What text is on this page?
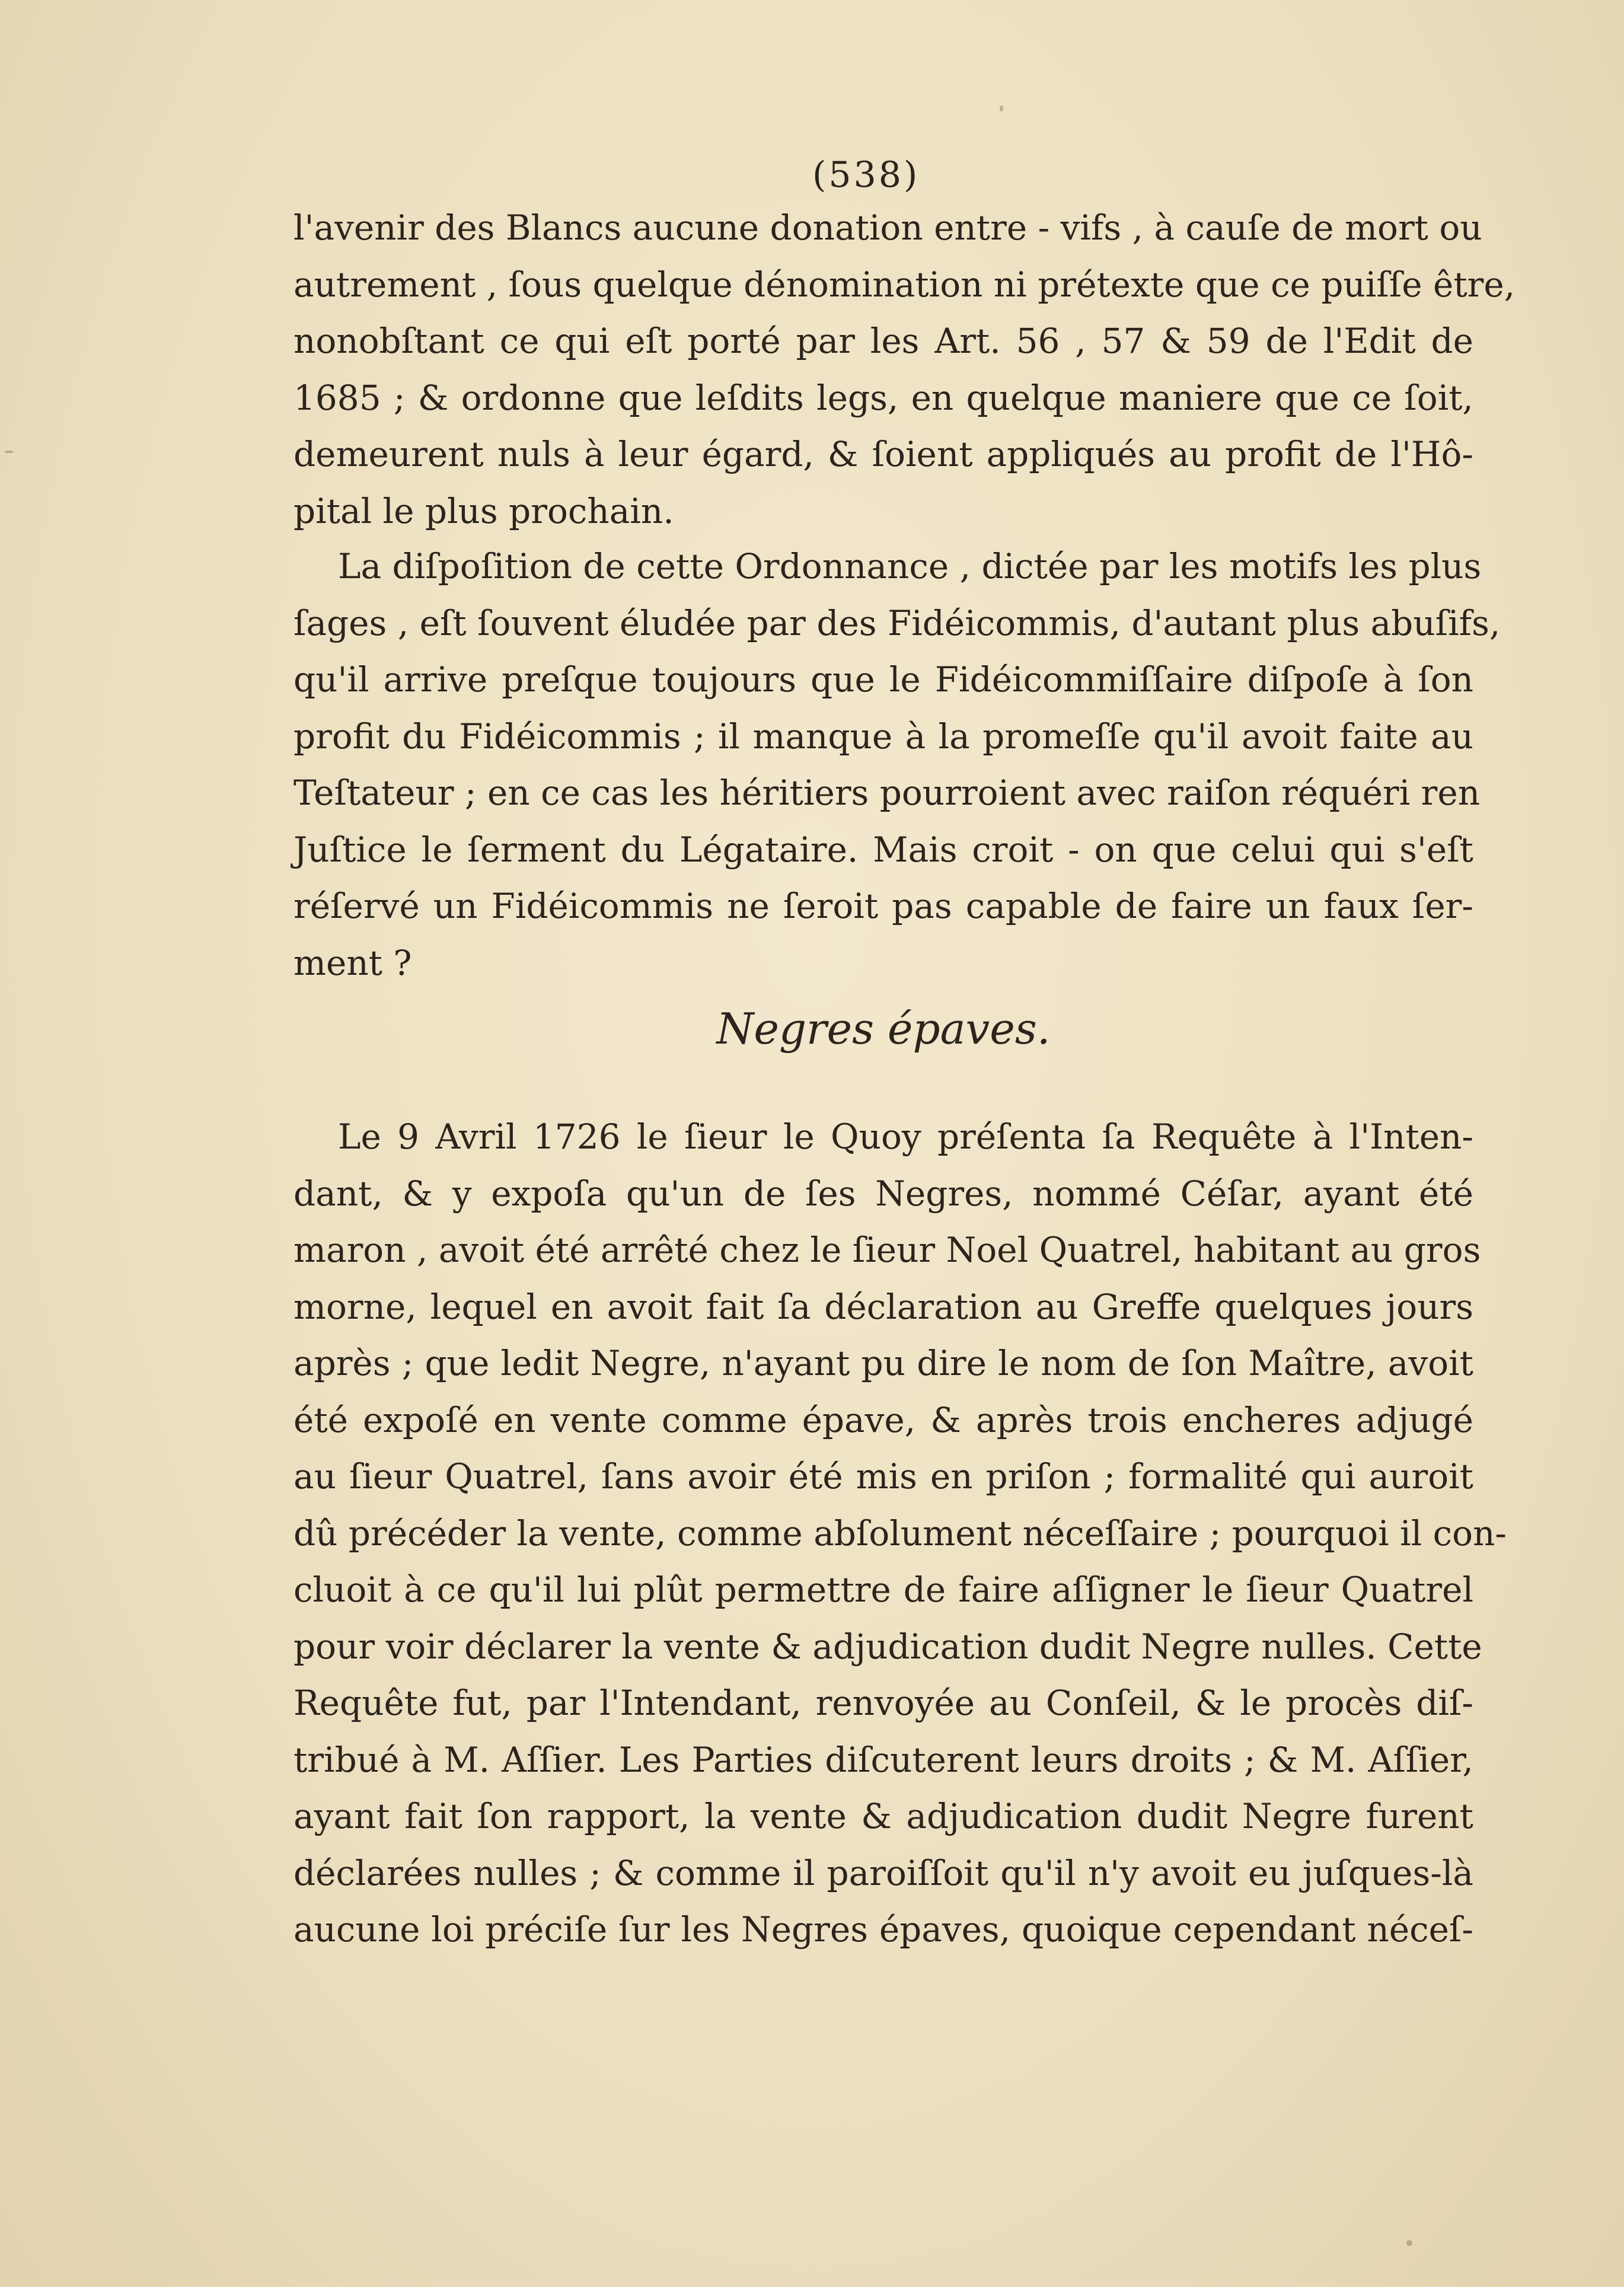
(538)
l'avenir des Blancs aucune donation entre - vifs , à cauſe de mort ou
autrement , ſous quelque dénomination ni prétexte que ce puiſſe être,
nonobſtant ce qui eſt porté par les Art. 56 , 57 & 59 de l'Edit de
1685 ; & ordonne que leſdits legs, en quelque maniere que ce ſoit,
demeurent nuls à leur égard, & ſoient appliqués au profit de l'Hô-
pital le plus prochain.
La diſpoſition de cette Ordonnance , dictée par les motifs les plus
ſages , eſt ſouvent éludée par des Fidéicommis, d'autant plus abuſifs,
qu'il arrive preſque toujours que le Fidéicommiſſaire diſpoſe à ſon
profit du Fidéicommis ; il manque à la promeſſe qu'il avoit faite au
Teſtateur ; en ce cas les héritiers pourroient avec raiſon réquéri ren
Juſtice le ſerment du Légataire. Mais croit - on que celui qui s'eſt
réſervé un Fidéicommis ne ſeroit pas capable de faire un faux ſer-
ment ?
Negres épaves.
Le 9 Avril 1726 le ſieur le Quoy préſenta ſa Requête à l'Inten-
dant, & y expoſa qu'un de ſes Negres, nommé Céſar, ayant été
maron , avoit été arrêté chez le ſieur Noel Quatrel, habitant au gros
morne, lequel en avoit fait ſa déclaration au Greffe quelques jours
après ; que ledit Negre, n'ayant pu dire le nom de ſon Maître, avoit
été expoſé en vente comme épave, & après trois encheres adjugé
au ſieur Quatrel, ſans avoir été mis en priſon ; formalité qui auroit
dû précéder la vente, comme abſolument néceſſaire ; pourquoi il con-
cluoit à ce qu'il lui plût permettre de faire aſſigner le ſieur Quatrel
pour voir déclarer la vente & adjudication dudit Negre nulles. Cette
Requête fut, par l'Intendant, renvoyée au Conſeil, & le procès diſ-
tribué à M. Aſſier. Les Parties diſcuterent leurs droits ; & M. Aſſier,
ayant fait ſon rapport, la vente & adjudication dudit Negre furent
déclarées nulles ; & comme il paroiſſoit qu'il n'y avoit eu juſques-là
aucune loi préciſe ſur les Negres épaves, quoique cependant néceſ-
